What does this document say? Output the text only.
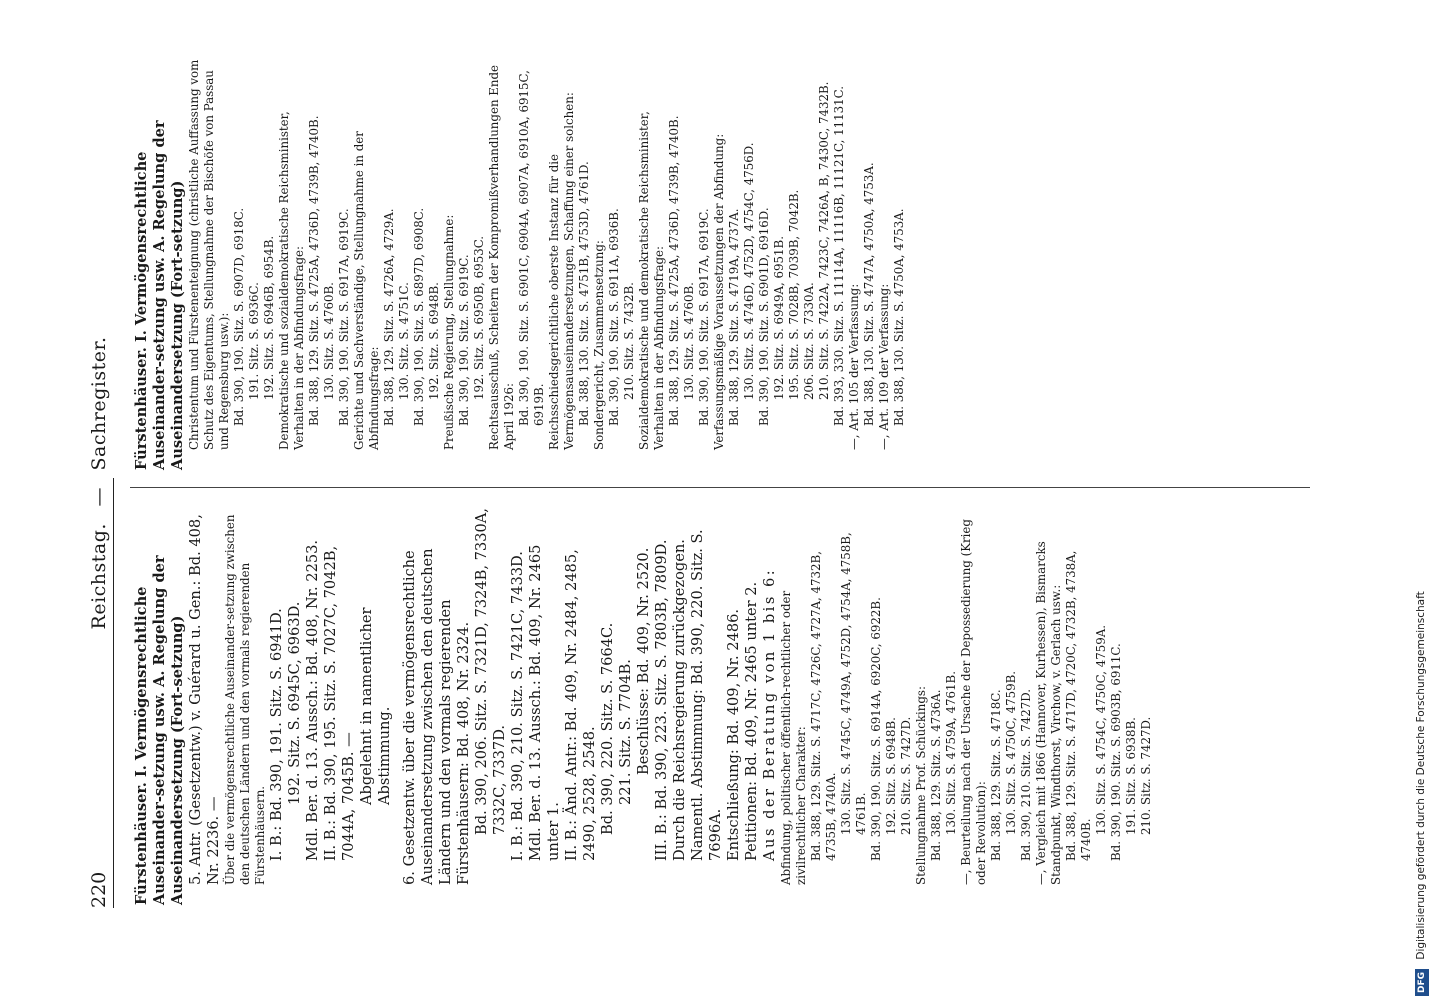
220
Reichstag. — Sachregister.
Fürstenhäuser. I. Vermögensrechtliche Auseinander-setzung usw. A. Regelung der Auseinandersetzung (Fort-setzung) 5. Antr. (Gesetzentw.) v. Guérard u. Gen.: Bd. 408, Nr. 2236. — Über die vermögensrechtliche Auseinander-setzung zwischen den deutschen Ländern und den vormals regierenden Fürstenhäusern. I. B.: Bd. 390, 191. Sitz. S. 6941D. 192. Sitz. S. 6945C, 6963D. Mdl. Ber. d. 13. Aussch.: Bd. 408, Nr. 2253. II. B.: Bd. 390, 195. Sitz. S. 7027C, 7042B, 7044A, 7045B. — Abgelehnt in namentlicher Abstimmung. 6. Gesetzentw. über die vermögensrechtliche Auseinandersetzung zwischen den deutschen Ländern und den vormals regierenden Fürstenhäusern: Bd. 408, Nr. 2324. Bd. 390, 206. Sitz. S. 7321D, 7324B, 7330A, 7332C, 7337D. I. B.: Bd. 390, 210. Sitz. S. 7421C, 7433D. Mdl. Ber. d. 13. Aussch.: Bd. 409, Nr. 2465 unter 1. II. B.: Änd. Antr.: Bd. 409, Nr. 2484, 2485, 2490, 2528, 2548. Bd. 390, 220. Sitz. S. 7664C. 221. Sitz. S. 7704B. Beschlüsse: Bd. 409, Nr. 2520. III. B.: Bd. 390, 223. Sitz. S. 7803B, 7809D. Durch die Reichsregierung zurückgezogen. Namentl. Abstimmung: Bd. 390, 220. Sitz. S. 7696A. Entschließung: Bd. 409, Nr. 2486. Petitionen: Bd. 409, Nr. 2465 unter 2. Aus der Beratung von 1 bis 6: Abfindung, politischer öffentlich-rechtlicher oder zivilrechtlicher Charakter: Bd. 388, 129. Sitz. S. 4717C, 4726C, 4727A, 4732B, 4735B, 4740A. 130. Sitz. S. 4745C, 4749A, 4752D, 4754A, 4758B, 4761B. Bd. 390, 190. Sitz. S. 6914A, 6920C, 6922B. 192. Sitz. S. 6948B. 210. Sitz. S. 7427D. Stellungnahme Prof. Schückings: Bd. 388, 129. Sitz. S. 4736A. 130. Sitz. S. 4759A, 4761B. —, Beurteilung nach der Ursache der Depossedierung (Krieg oder Revolution): Bd. 388, 129. Sitz. S. 4718C. 130. Sitz. S. 4750C, 4759B. Bd. 390, 210. Sitz. S. 7427D. —, Vergleich mit 1866 (Hannover, Kurhessen), Bismarcks Standpunkt, Windthorst, Virchow, v. Gerlach usw.: Bd. 388, 129. Sitz. S. 4717D, 4720C, 4732B, 4738A, 4740B.
130. Sitz. S. 4754C, 4750C, 4759A. Bd. 390, 190. Sitz. S. 6903B, 6911C. 191. Sitz. S. 6938B. 210. Sitz. S. 7427D.
Fürstenhäuser. I. Vermögensrechtliche Auseinander-setzung usw. A. Regelung der Auseinandersetzung (Fort-setzung) Christentum und Fürstenenteignung (christliche Auffassung vom Schutz des Eigentums, Stellungnahme der Bischöfe von Passau und Regensburg usw.): Bd. 390, 190. Sitz. S. 6907D, 6918C. 191. Sitz. S. 6936C. 192. Sitz. S. 6946B, 6954B. Demokratische und sozialdemokratische Reichsminister, Verhalten in der Abfindungsfrage: Bd. 388, 129. Sitz. S. 4725A, 4736D, 4739B, 4740B. 130. Sitz. S. 4760B. Bd. 390, 190. Sitz. S. 6917A, 6919C. Gerichte und Sachverständige, Stellungnahme in der Abfindungsfrage: Bd. 388, 129. Sitz. S. 4726A, 4729A. 130. Sitz. S. 4751C. Bd. 390, 190. Sitz. S. 6897D, 6908C. 192. Sitz. S. 6948B. Preußische Regierung, Stellungnahme: Bd. 390, 190. Sitz. S. 6919C. 192. Sitz. S. 6950B, 6953C. Rechtsausschuß, Scheitern der Kompromißverhandlungen Ende April 1926: Bd. 390, 190. Sitz. S. 6901C, 6904A, 6907A, 6910A, 6915C, 6919B. Reichsschiedsgerichtliche oberste Instanz für die Vermögensauseinandersetzungen, Schaffung einer solchen: Bd. 388, 130. Sitz. S. 4751B, 4753D, 4761D. Sondergericht, Zusammensetzung: Bd. 390, 190. Sitz. S. 6911A, 6936B. 210. Sitz. S. 7432B. Sozialdemokratische und demokratische Reichsminister, Verhalten in der Abfindungsfrage: Bd. 388, 129. Sitz. S. 4725A, 4736D, 4739B, 4740B. 130. Sitz. S. 4760B. Bd. 390, 190. Sitz. S. 6917A, 6919C. Verfassungsmäßige Voraussetzungen der Abfindung: Bd. 388, 129. Sitz. S. 4719A, 4737A. 130. Sitz. S. 4746D, 4752D, 4754C, 4756D. Bd. 390, 190. Sitz. S. 6901D, 6916D. 192. Sitz. S. 6949A, 6951B. 195. Sitz. S. 7028B, 7039B, 7042B. 206. Sitz. S. 7330A. 210. Sitz. S. 7422A, 7423C, 7426A, B, 7430C, 7432B. Bd. 393, 330. Sitz. S. 11114A, 11116B, 11121C, 11131C. —, Art. 105 der Verfassung: Bd. 388, 130. Sitz. S. 4747A, 4750A, 4753A. —, Art. 109 der Verfassung: Bd. 388, 130. Sitz. S. 4750A, 4753A.
DFG Digitalisierung gefördert durch die Deutsche Forschungsgemeinschaft
